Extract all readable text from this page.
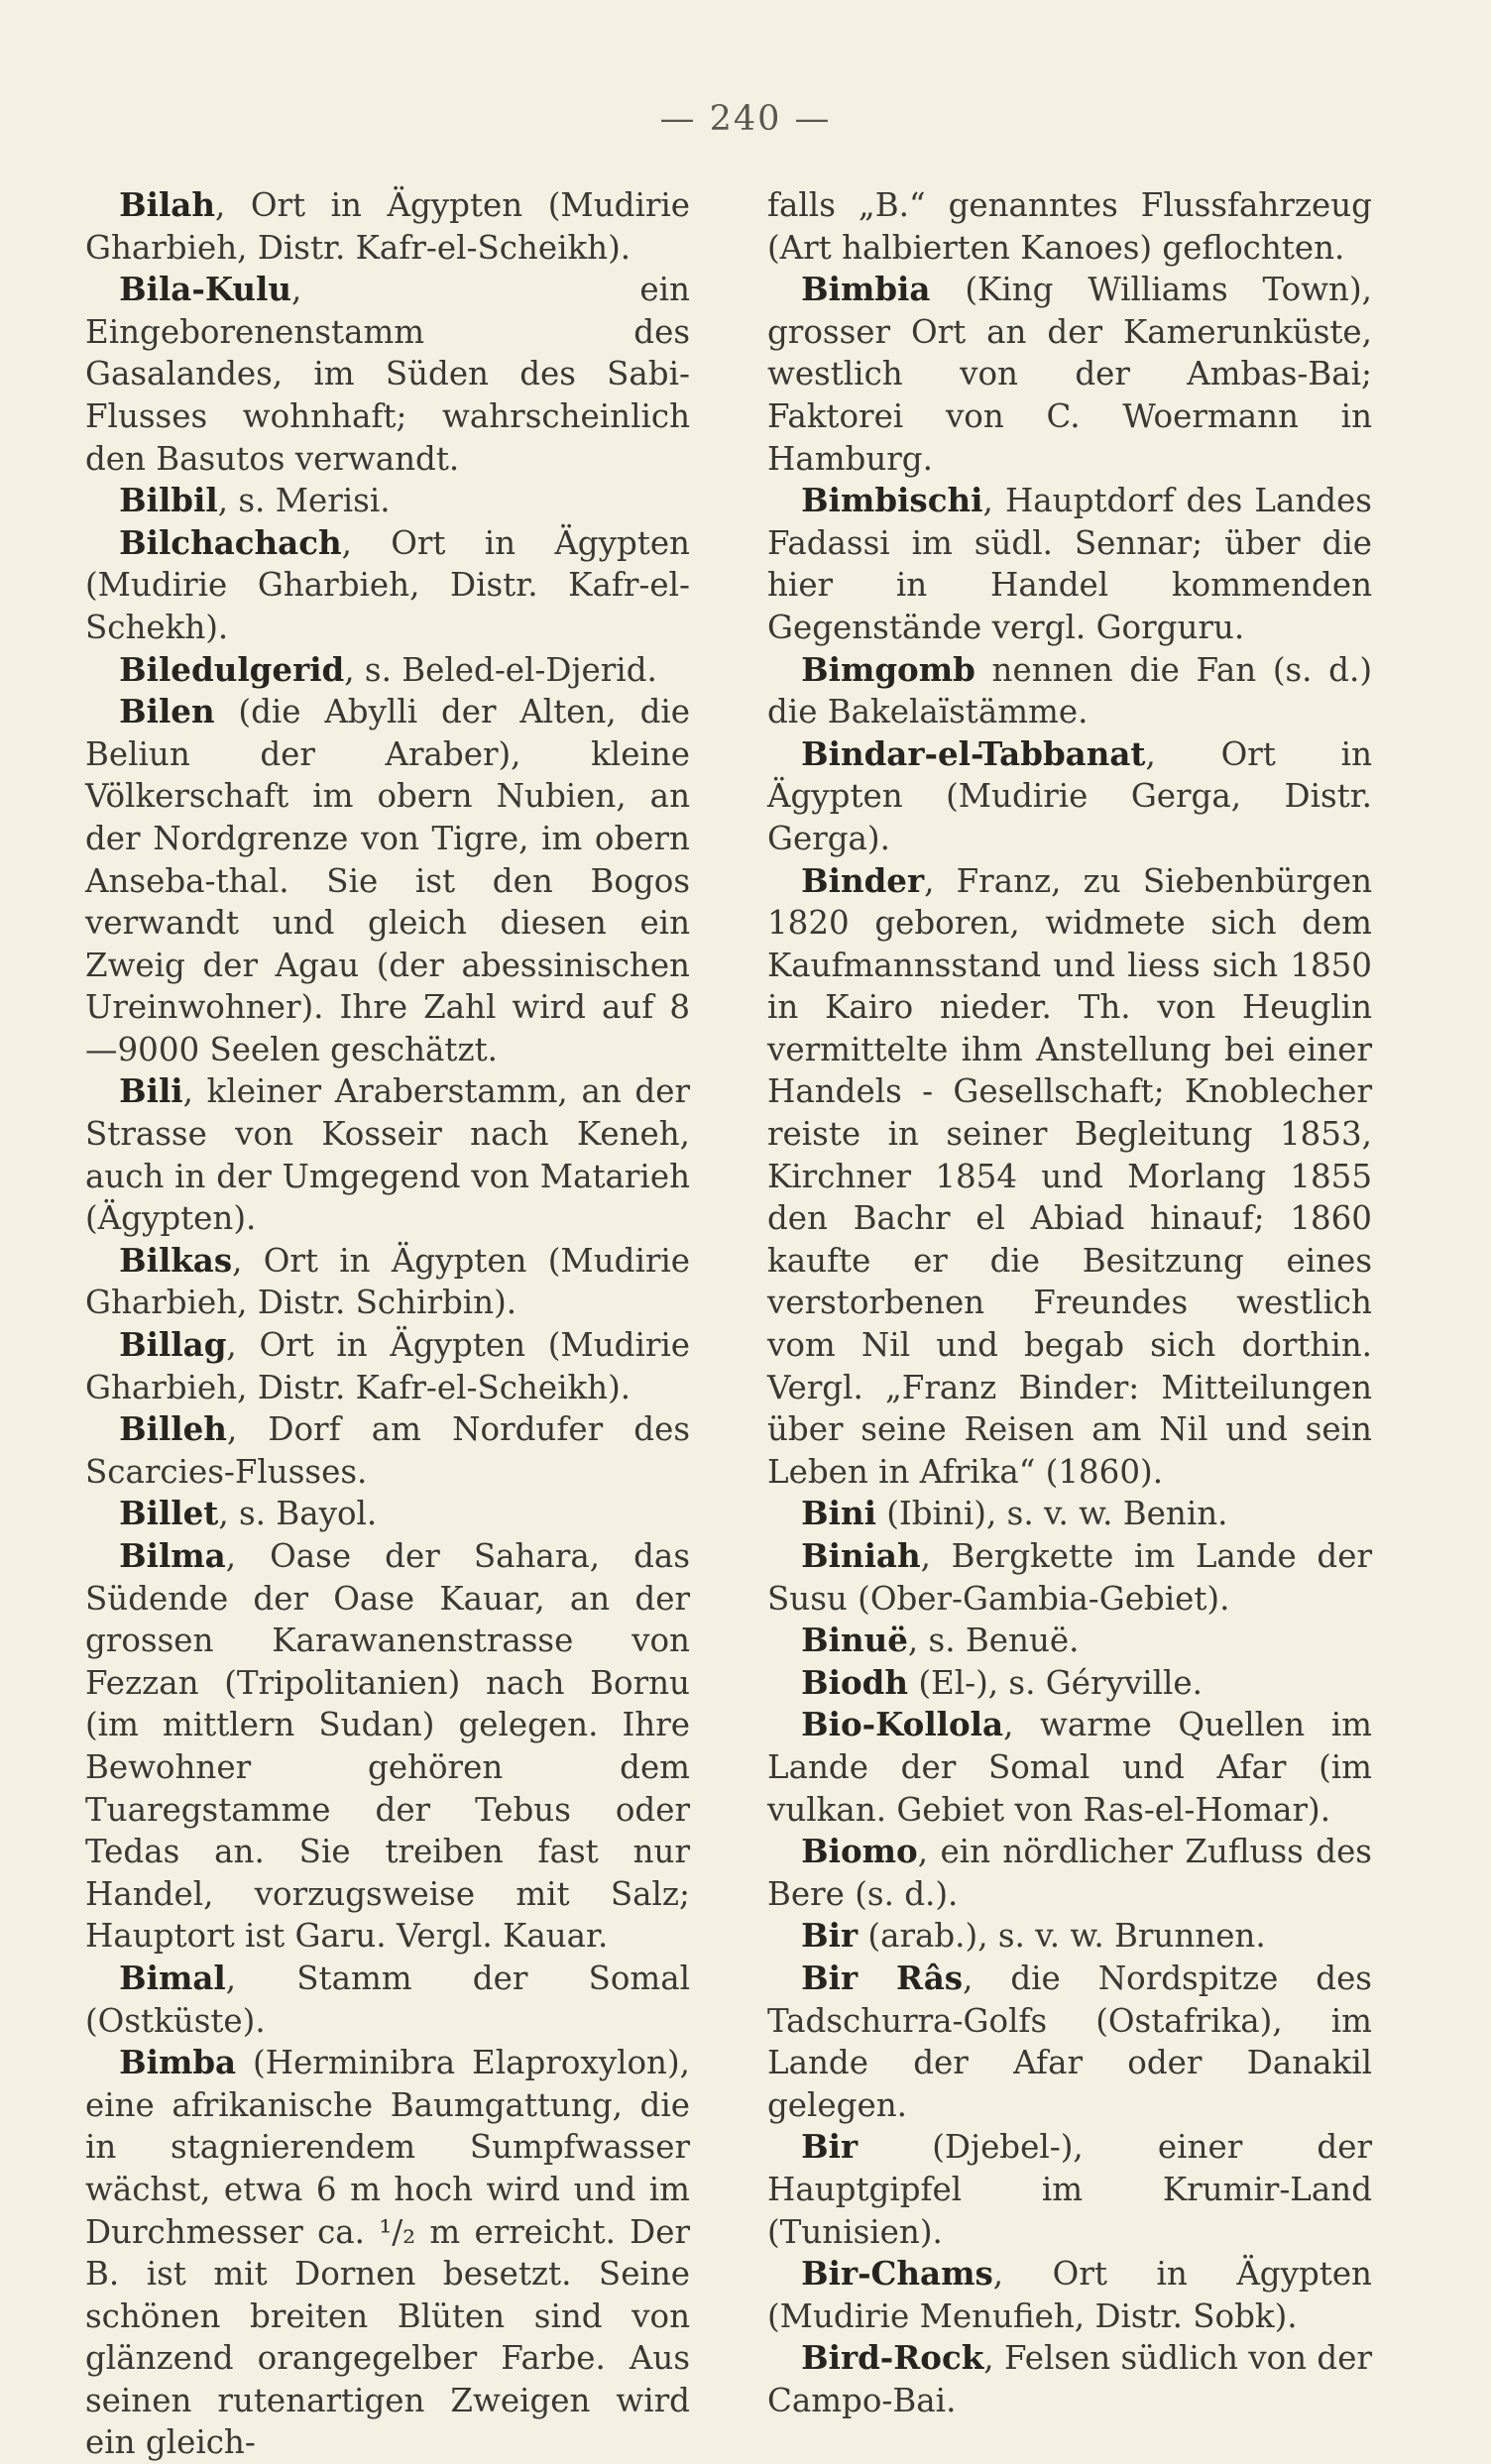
— 240 —

Bilah, Ort in Ägypten (Mudirie Gharbieh, Distr. Kafr-el-Scheikh).

Bila-Kulu, ein Eingeborenenstamm des Gasalandes, im Süden des Sabi-Flusses wohnhaft; wahrscheinlich den Basutos verwandt.

Bilbil, s. Merisi.

Bilchachach, Ort in Ägypten (Mudirie Gharbieh, Distr. Kafr-el-Schekh).

Biledulgerid, s. Beled-el-Djerid.

Bilen (die Abylli der Alten, die Beliun der Araber), kleine Völkerschaft im obern Nubien, an der Nordgrenze von Tigre, im obern Anseba-thal. Sie ist den Bogos verwandt und gleich diesen ein Zweig der Agau (der abessinischen Ureinwohner). Ihre Zahl wird auf 8—9000 Seelen geschätzt.

Bili, kleiner Araberstamm, an der Strasse von Kosseir nach Keneh, auch in der Umgegend von Matarieh (Ägypten).

Bilkas, Ort in Ägypten (Mudirie Gharbieh, Distr. Schirbin).

Billag, Ort in Ägypten (Mudirie Gharbieh, Distr. Kafr-el-Scheikh).

Billeh, Dorf am Nordufer des Scarcies-Flusses.

Billet, s. Bayol.

Bilma, Oase der Sahara, das Südende der Oase Kauar, an der grossen Karawanenstrasse von Fezzan (Tripolitanien) nach Bornu (im mittlern Sudan) gelegen. Ihre Bewohner gehören dem Tuaregstamme der Tebus oder Tedas an. Sie treiben fast nur Handel, vorzugsweise mit Salz; Hauptort ist Garu. Vergl. Kauar.

Bimal, Stamm der Somal (Ostküste).

Bimba (Herminibra Elaproxylon), eine afrikanische Baumgattung, die in stagnierendem Sumpfwasser wächst, etwa 6 m hoch wird und im Durchmesser ca. ¹/₂ m erreicht. Der B. ist mit Dornen besetzt. Seine schönen breiten Blüten sind von glänzend orangegelber Farbe. Aus seinen rutenartigen Zweigen wird ein gleich-

falls „B.“ genanntes Flussfahrzeug (Art halbierten Kanoes) geflochten.

Bimbia (King Williams Town), grosser Ort an der Kamerunküste, westlich von der Ambas-Bai; Faktorei von C. Woermann in Hamburg.

Bimbischi, Hauptdorf des Landes Fadassi im südl. Sennar; über die hier in Handel kommenden Gegenstände vergl. Gorguru.

Bimgomb nennen die Fan (s. d.) die Bakelaïstämme.

Bindar-el-Tabbanat, Ort in Ägypten (Mudirie Gerga, Distr. Gerga).

Binder, Franz, zu Siebenbürgen 1820 geboren, widmete sich dem Kaufmannsstand und liess sich 1850 in Kairo nieder. Th. von Heuglin vermittelte ihm Anstellung bei einer Handels - Gesellschaft; Knoblecher reiste in seiner Begleitung 1853, Kirchner 1854 und Morlang 1855 den Bachr el Abiad hinauf; 1860 kaufte er die Besitzung eines verstorbenen Freundes westlich vom Nil und begab sich dorthin. Vergl. „Franz Binder: Mitteilungen über seine Reisen am Nil und sein Leben in Afrika“ (1860).

Bini (Ibini), s. v. w. Benin.

Biniah, Bergkette im Lande der Susu (Ober-Gambia-Gebiet).

Binuë, s. Benuë.

Biodh (El-), s. Géryville.

Bio-Kollola, warme Quellen im Lande der Somal und Afar (im vulkan. Gebiet von Ras-el-Homar).

Biomo, ein nördlicher Zufluss des Bere (s. d.).

Bir (arab.), s. v. w. Brunnen.

Bir Râs, die Nordspitze des Tadschurra-Golfs (Ostafrika), im Lande der Afar oder Danakil gelegen.

Bir (Djebel-), einer der Hauptgipfel im Krumir-Land (Tunisien).

Bir-Chams, Ort in Ägypten (Mudirie Menufieh, Distr. Sobk).

Bird-Rock, Felsen südlich von der Campo-Bai.
